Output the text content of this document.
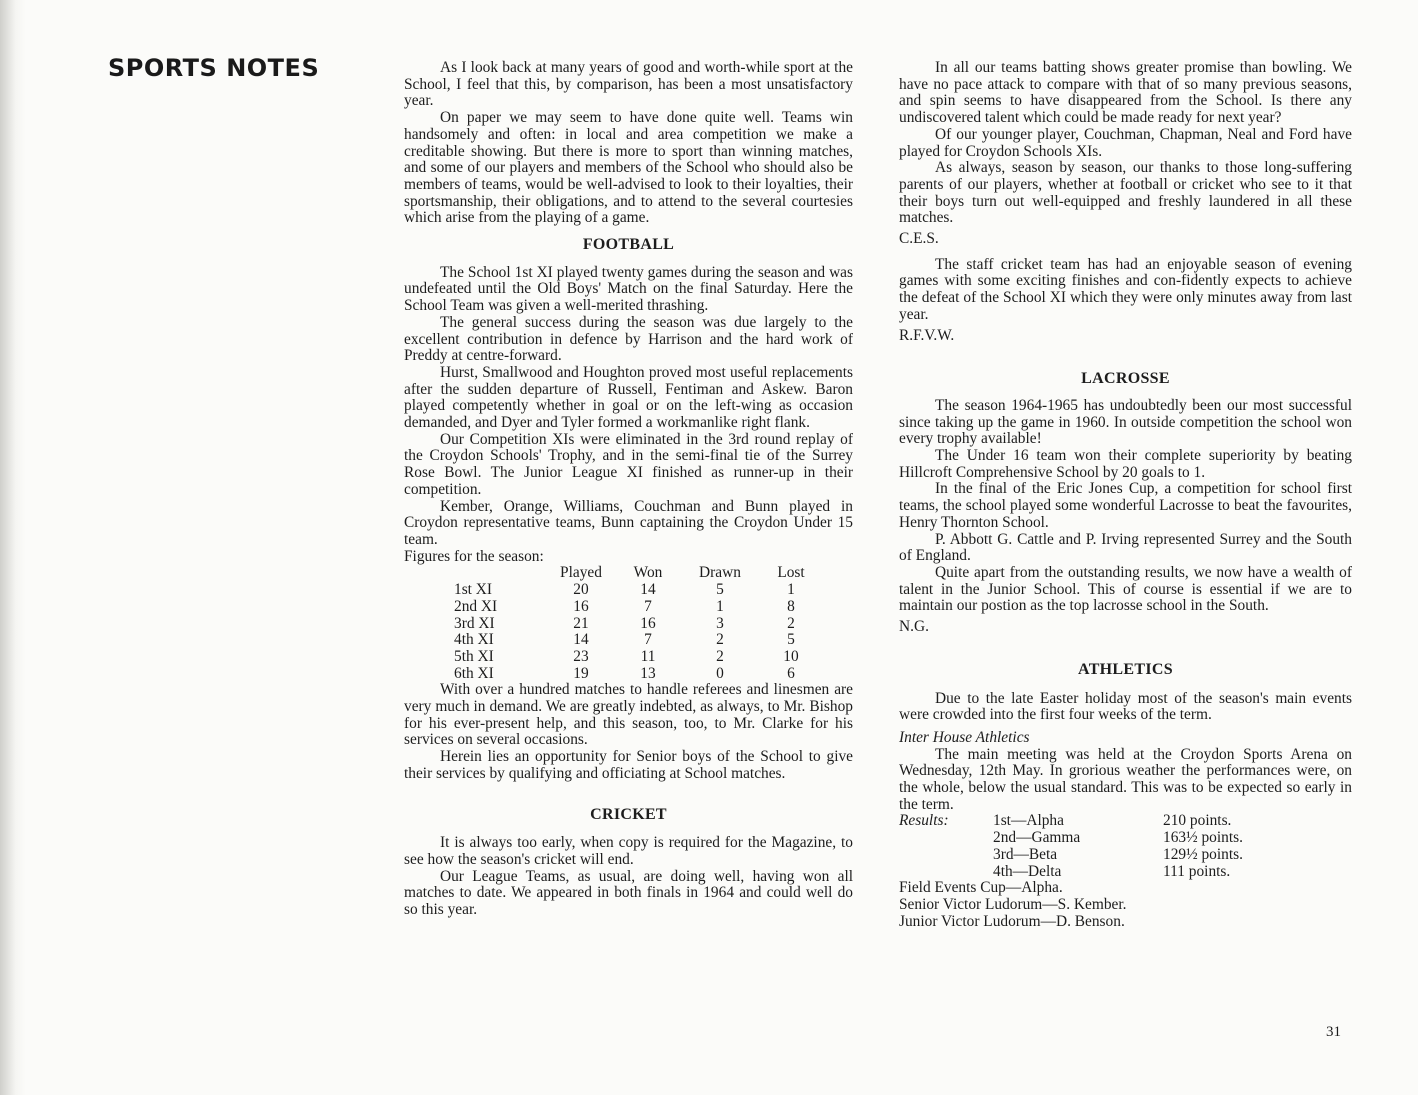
SPORTS NOTES	As I look back at many years of good and worth-while sport at the School, I feel that this, by comparison, has been a most unsatisfactory year.

On paper we may seem to have done quite well. Teams win handsomely and often: in local and area competition we make a creditable showing. But there is more to sport than winning matches, and some of our players and members of the School who should also be members of teams, would be well-advised to look to their loyalties, their sportsmanship, their obligations, and to attend to the several courtesies which arise from the playing of a game.

FOOTBALL

The School 1st XI played twenty games during the season and was undefeated until the Old Boys' Match on the final Saturday. Here the School Team was given a well-merited thrashing.

The general success during the season was due largely to the excellent contribution in defence by Harrison and the hard work of Preddy at centre-forward.

Hurst, Smallwood and Houghton proved most useful replacements after the sudden departure of Russell, Fentiman and Askew. Baron played competently whether in goal or on the left-wing as occasion demanded, and Dyer and Tyler formed a workmanlike right flank.

Our Competition XIs were eliminated in the 3rd round replay of the Croydon Schools' Trophy, and in the semi-final tie of the Surrey Rose Bowl. The Junior League XI finished as runner-up in their competition.

Kember, Orange, Williams, Couchman and Bunn played in Croydon representative teams, Bunn captaining the Croydon Under 15 team.

Figures for the season:

	Played	Won	Drawn	Lost
1st XI	20	14	5	1
2nd XI	16	7	1	8
3rd XI	21	16	3	2
4th XI	14	7	2	5
5th XI	23	11	2	10
6th XI	19	13	0	6

With over a hundred matches to handle referees and linesmen are very much in demand. We are greatly indebted, as always, to Mr. Bishop for his ever-present help, and this season, too, to Mr. Clarke for his services on several occasions.

Herein lies an opportunity for Senior boys of the School to give their services by qualifying and officiating at School matches.

CRICKET

It is always too early, when copy is required for the Magazine, to see how the season's cricket will end.

Our League Teams, as usual, are doing well, having won all matches to date. We appeared in both finals in 1964 and could well do so this year.

In all our teams batting shows greater promise than bowling. We have no pace attack to compare with that of so many previous seasons, and spin seems to have disappeared from the School. Is there any undiscovered talent which could be made ready for next year?

Of our younger player, Couchman, Chapman, Neal and Ford have played for Croydon Schools XIs.

As always, season by season, our thanks to those long-suffering parents of our players, whether at football or cricket who see to it that their boys turn out well-equipped and freshly laundered in all these matches.

C.E.S.

The staff cricket team has had an enjoyable season of evening games with some exciting finishes and con-fidently expects to achieve the defeat of the School XI which they were only minutes away from last year.

R.F.V.W.

LACROSSE

The season 1964-1965 has undoubtedly been our most successful since taking up the game in 1960. In outside competition the school won every trophy available!

The Under 16 team won their complete superiority by beating Hillcroft Comprehensive School by 20 goals to 1.

In the final of the Eric Jones Cup, a competition for school first teams, the school played some wonderful Lacrosse to beat the favourites, Henry Thornton School.

P. Abbott G. Cattle and P. Irving represented Surrey and the South of England.

Quite apart from the outstanding results, we now have a wealth of talent in the Junior School. This of course is essential if we are to maintain our postion as the top lacrosse school in the South.

N.G.

ATHLETICS

Due to the late Easter holiday most of the season's main events were crowded into the first four weeks of the term.

Inter House Athletics

The main meeting was held at the Croydon Sports Arena on Wednesday, 12th May. In grorious weather the performances were, on the whole, below the usual standard. This was to be expected so early in the term.

Results:	1st—Alpha	210 points.
2nd—Gamma	163½ points.
3rd—Beta	129½ points.
4th—Delta	111 points.

Field Events Cup—Alpha.

Senior Victor Ludorum—S. Kember.

Junior Victor Ludorum—D. Benson.

31
